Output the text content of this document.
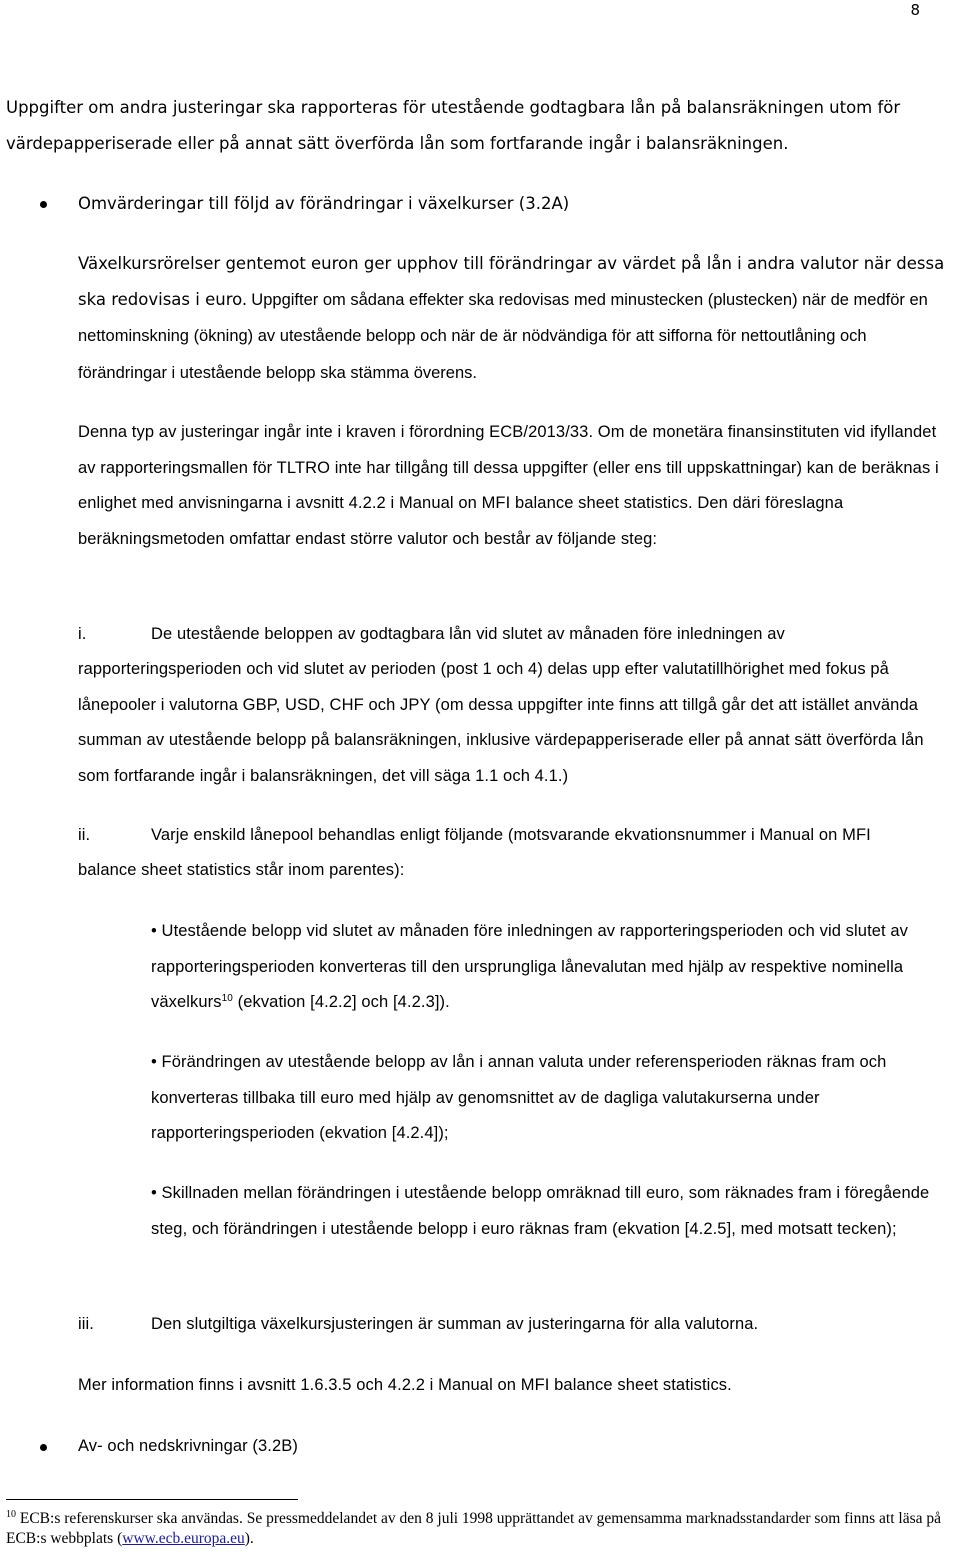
8

Uppgifter om andra justeringar ska rapporteras för utestående godtagbara lån på balansräkningen utom för värdepapperiserade eller på annat sätt överförda lån som fortfarande ingår i balansräkningen.

Omvärderingar till följd av förändringar i växelkurser (3.2A)

Växelkursrörelser gentemot euron ger upphov till förändringar av värdet på lån i andra valutor när dessa ska redovisas i euro. Uppgifter om sådana effekter ska redovisas med minustecken (plustecken) när de medför en nettominskning (ökning) av utestående belopp och när de är nödvändiga för att sifforna för nettoutlåning och förändringar i utestående belopp ska stämma överens.

Denna typ av justeringar ingår inte i kraven i förordning ECB/2013/33. Om de monetära finansinstituten vid ifyllandet av rapporteringsmallen för TLTRO inte har tillgång till dessa uppgifter (eller ens till uppskattningar) kan de beräknas i enlighet med anvisningarna i avsnitt 4.2.2 i Manual on MFI balance sheet statistics. Den däri föreslagna beräkningsmetoden omfattar endast större valutor och består av följande steg:

i.	De utestående beloppen av godtagbara lån vid slutet av månaden före inledningen av

rapporteringsperioden och vid slutet av perioden (post 1 och 4) delas upp efter valutatillhörighet med fokus på lånepooler i valutorna GBP, USD, CHF och JPY (om dessa uppgifter inte finns att tillgå går det att istället använda summan av utestående belopp på balansräkningen, inklusive värdepapperiserade eller på annat sätt överförda lån som fortfarande ingår i balansräkningen, det vill säga 1.1 och 4.1.)

ii.	Varje enskild lånepool behandlas enligt följande (motsvarande ekvationsnummer i Manual on MFI

balance sheet statistics står inom parentes):

• Utestående belopp vid slutet av månaden före inledningen av rapporteringsperioden och vid slutet av rapporteringsperioden konverteras till den ursprungliga lånevalutan med hjälp av respektive nominella växelkurs$^{10}$ (ekvation [4.2.2] och [4.2.3]).

• Förändringen av utestående belopp av lån i annan valuta under referensperioden räknas fram och konverteras tillbaka till euro med hjälp av genomsnittet av de dagliga valutakurserna under rapporteringsperioden (ekvation [4.2.4]);

• Skillnaden mellan förändringen i utestående belopp omräknad till euro, som räknades fram i föregående steg, och förändringen i utestående belopp i euro räknas fram (ekvation [4.2.5], med motsatt tecken);

iii.	Den slutgiltiga växelkursjusteringen är summan av justeringarna för alla valutorna.

Mer information finns i avsnitt 1.6.3.5 och 4.2.2 i Manual on MFI balance sheet statistics.

Av- och nedskrivningar (3.2B)

$^{10}$ ECB:s referenskurser ska användas. Se pressmeddelandet av den 8 juli 1998 upprättandet av gemensamma marknadsstandarder som finns att läsa på ECB:s webbplats (www.ecb.europa.eu).
